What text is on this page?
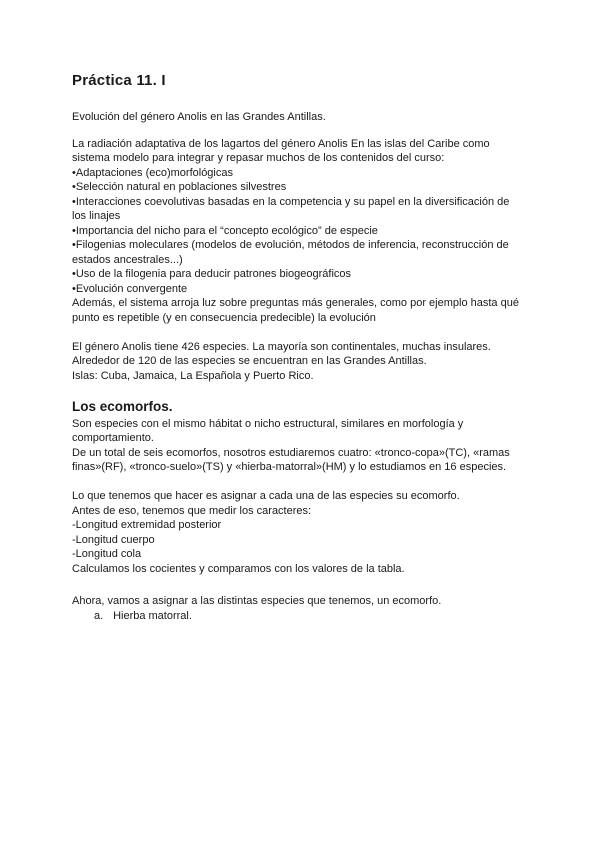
Práctica 11. I

Evolución del género Anolis en las Grandes Antillas.

La radiación adaptativa de los lagartos del género Anolis En las islas del Caribe como

sistema modelo para integrar y repasar muchos de los contenidos del curso:

•Adaptaciones (eco)morfológicas

•Selección natural en poblaciones silvestres

•Interacciones coevolutivas basadas en la competencia y su papel en la diversificación de

los linajes

•Importancia del nicho para el “concepto ecológico” de especie

•Filogenias moleculares (modelos de evolución, métodos de inferencia, reconstrucción de

estados ancestrales...)

•Uso de la filogenia para deducir patrones biogeográficos

•Evolución convergente

Además, el sistema arroja luz sobre preguntas más generales, como por ejemplo hasta qué

punto es repetible (y en consecuencia predecible) la evolución

El género Anolis tiene 426 especies. La mayoría son continentales, muchas insulares.

Alrededor de 120 de las especies se encuentran en las Grandes Antillas.

Islas: Cuba, Jamaica, La Española y Puerto Rico.

Los ecomorfos.

Son especies con el mismo hábitat o nicho estructural, similares en morfología y

comportamiento.

De un total de seis ecomorfos, nosotros estudiaremos cuatro: «tronco-copa»(TC), «ramas

finas»(RF), «tronco-suelo»(TS) y «hierba-matorral»(HM) y lo estudiamos en 16 especies.

Lo que tenemos que hacer es asignar a cada una de las especies su ecomorfo.

Antes de eso, tenemos que medir los caracteres:

-Longitud extremidad posterior

-Longitud cuerpo

-Longitud cola

Calculamos los cocientes y comparamos con los valores de la tabla.

Ahora, vamos a asignar a las distintas especies que tenemos, un ecomorfo.

a. Hierba matorral.
